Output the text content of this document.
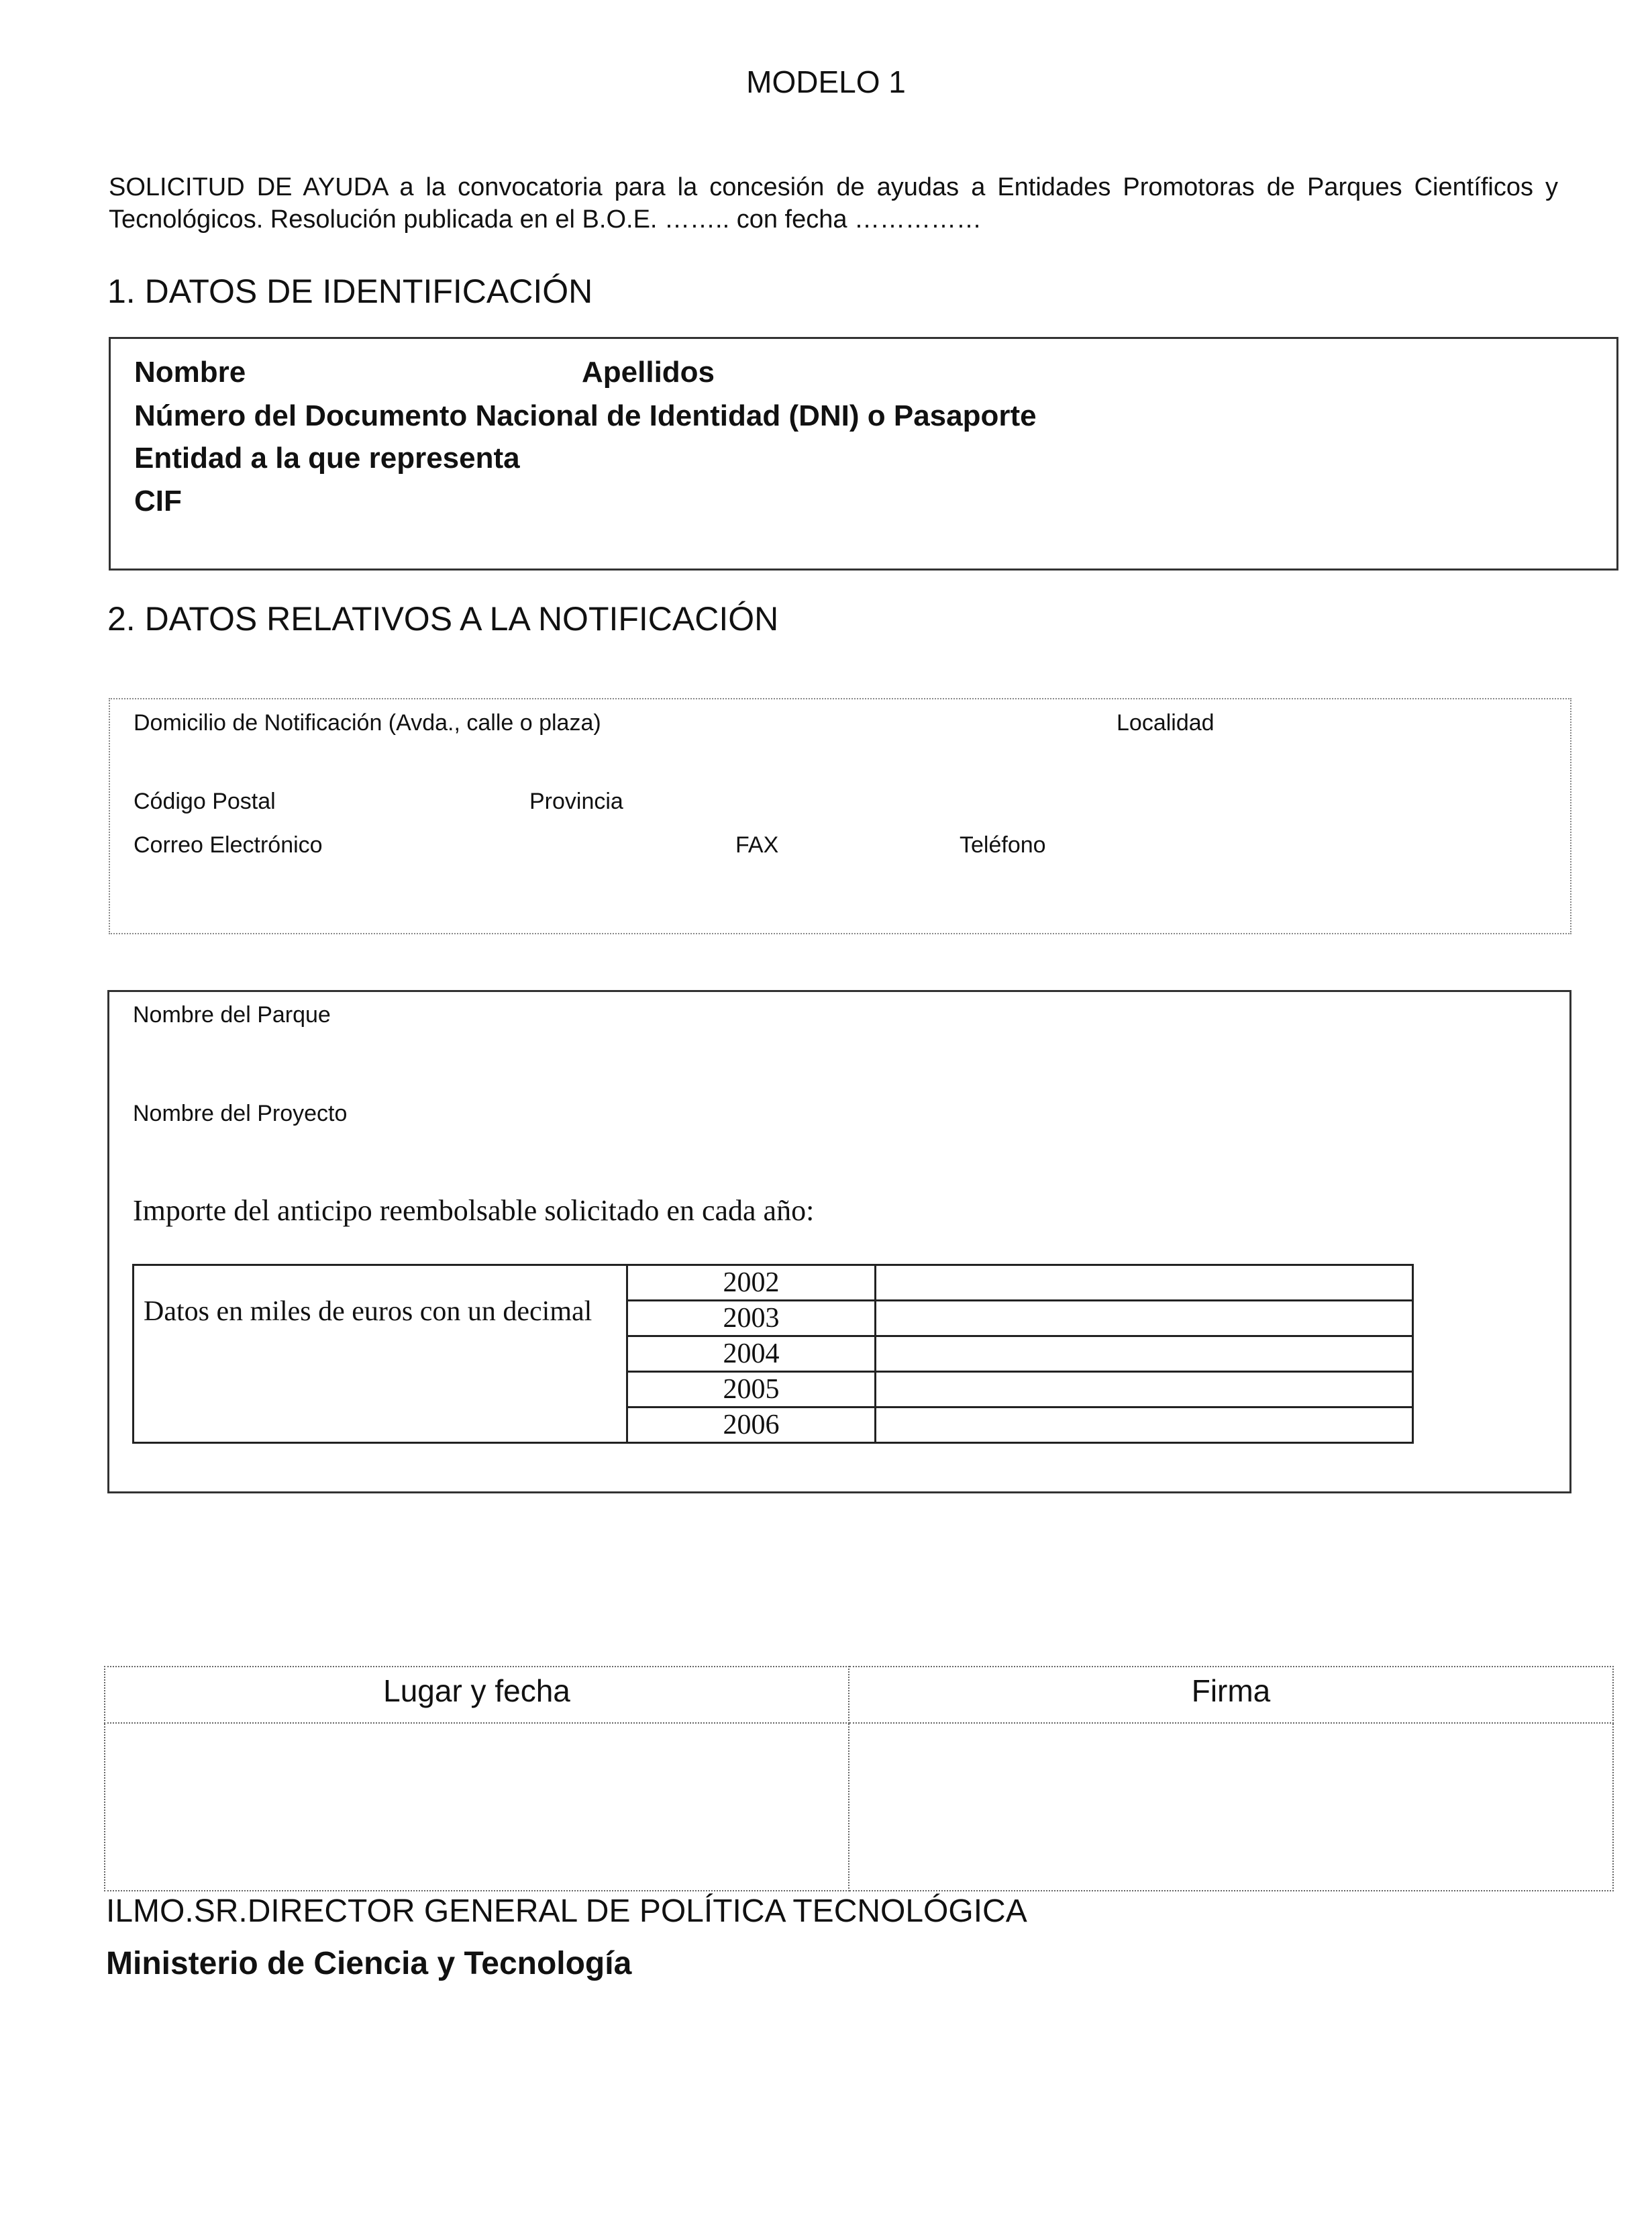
MODELO 1
SOLICITUD DE AYUDA a la convocatoria para la concesión de ayudas a Entidades Promotoras de Parques Científicos y Tecnológicos. Resolución publicada en el B.O.E. …….. con fecha ……………
1. DATOS DE IDENTIFICACIÓN
Nombre	Apellidos
Número del Documento Nacional de Identidad (DNI) o Pasaporte
Entidad a la que representa
CIF
2. DATOS RELATIVOS A LA NOTIFICACIÓN
Domicilio de Notificación (Avda., calle o plaza)	Localidad
Código Postal	Provincia
Correo Electrónico	FAX	Teléfono
Nombre del Parque
Nombre del Proyecto
Importe del anticipo reembolsable solicitado en cada año:
Datos en miles de euros con un decimal	2002	
	2003	
	2004	
	2005	
	2006	
Lugar y fecha	Firma

ILMO.SR.DIRECTOR GENERAL DE POLÍTICA TECNOLÓGICA
Ministerio de Ciencia y Tecnología
